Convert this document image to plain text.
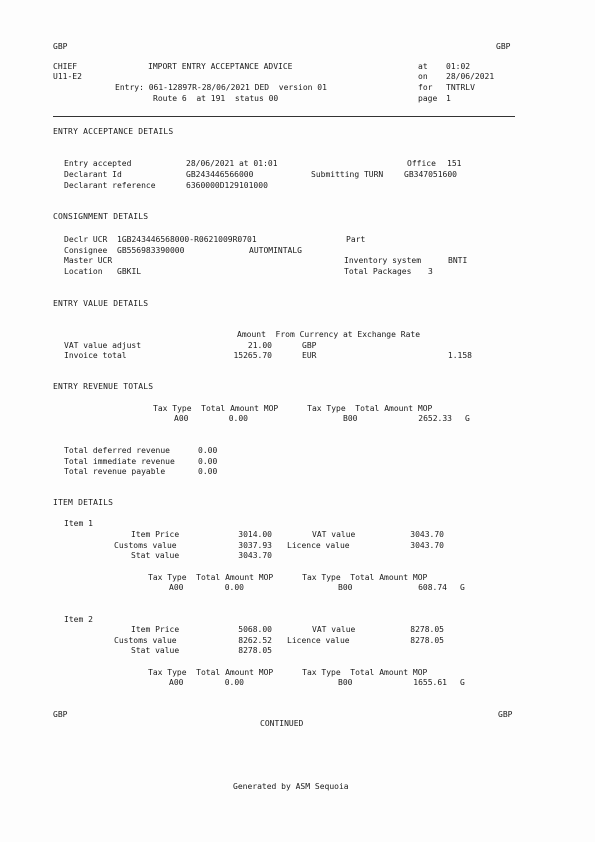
GBP	GBP
CHIEF
U11-E2
IMPORT ENTRY ACCEPTANCE ADVICE
Entry: 061-12897R-28/06/2021 DED  version 01
Route 6  at 191  status 00
at 01:02
on 28/06/2021
for TNTRLV
page 1
ENTRY ACCEPTANCE DETAILS
Entry accepted	28/06/2021 at 01:01	Office 151
Declarant Id	GB243446566000	Submitting TURN	GB347051600
Declarant reference	6360000D129101000
CONSIGNMENT DETAILS
Declr UCR 1GB243446568000-R0621009R0701	Part
Consignee GB556983390000	AUTOMINTALG
Master UCR	Inventory system	BNTI
Location GBKIL	Total Packages 3
ENTRY VALUE DETAILS
Amount  From Currency at Exchange Rate
VAT value adjust	21.00	GBP
Invoice total	15265.70	EUR	1.158
ENTRY REVENUE TOTALS
Tax Type  Total Amount MOP      Tax Type  Total Amount MOP
A00	0.00	B00	2652.33 G
Total deferred revenue	0.00
Total immediate revenue	0.00
Total revenue payable	0.00
ITEM DETAILS
Item 1
Item Price	3014.00	VAT value	3043.70
Customs value	3037.93 Licence value	3043.70
Stat value	3043.70
Tax Type  Total Amount MOP      Tax Type  Total Amount MOP
A00	0.00	B00	608.74 G
Item 2
Item Price	5068.00	VAT value	8278.05
Customs value	8262.52 Licence value	8278.05
Stat value	8278.05
Tax Type  Total Amount MOP      Tax Type  Total Amount MOP
A00	0.00	B00	1655.61 G
GBP	GBP
CONTINUED
Generated by ASM Sequoia
